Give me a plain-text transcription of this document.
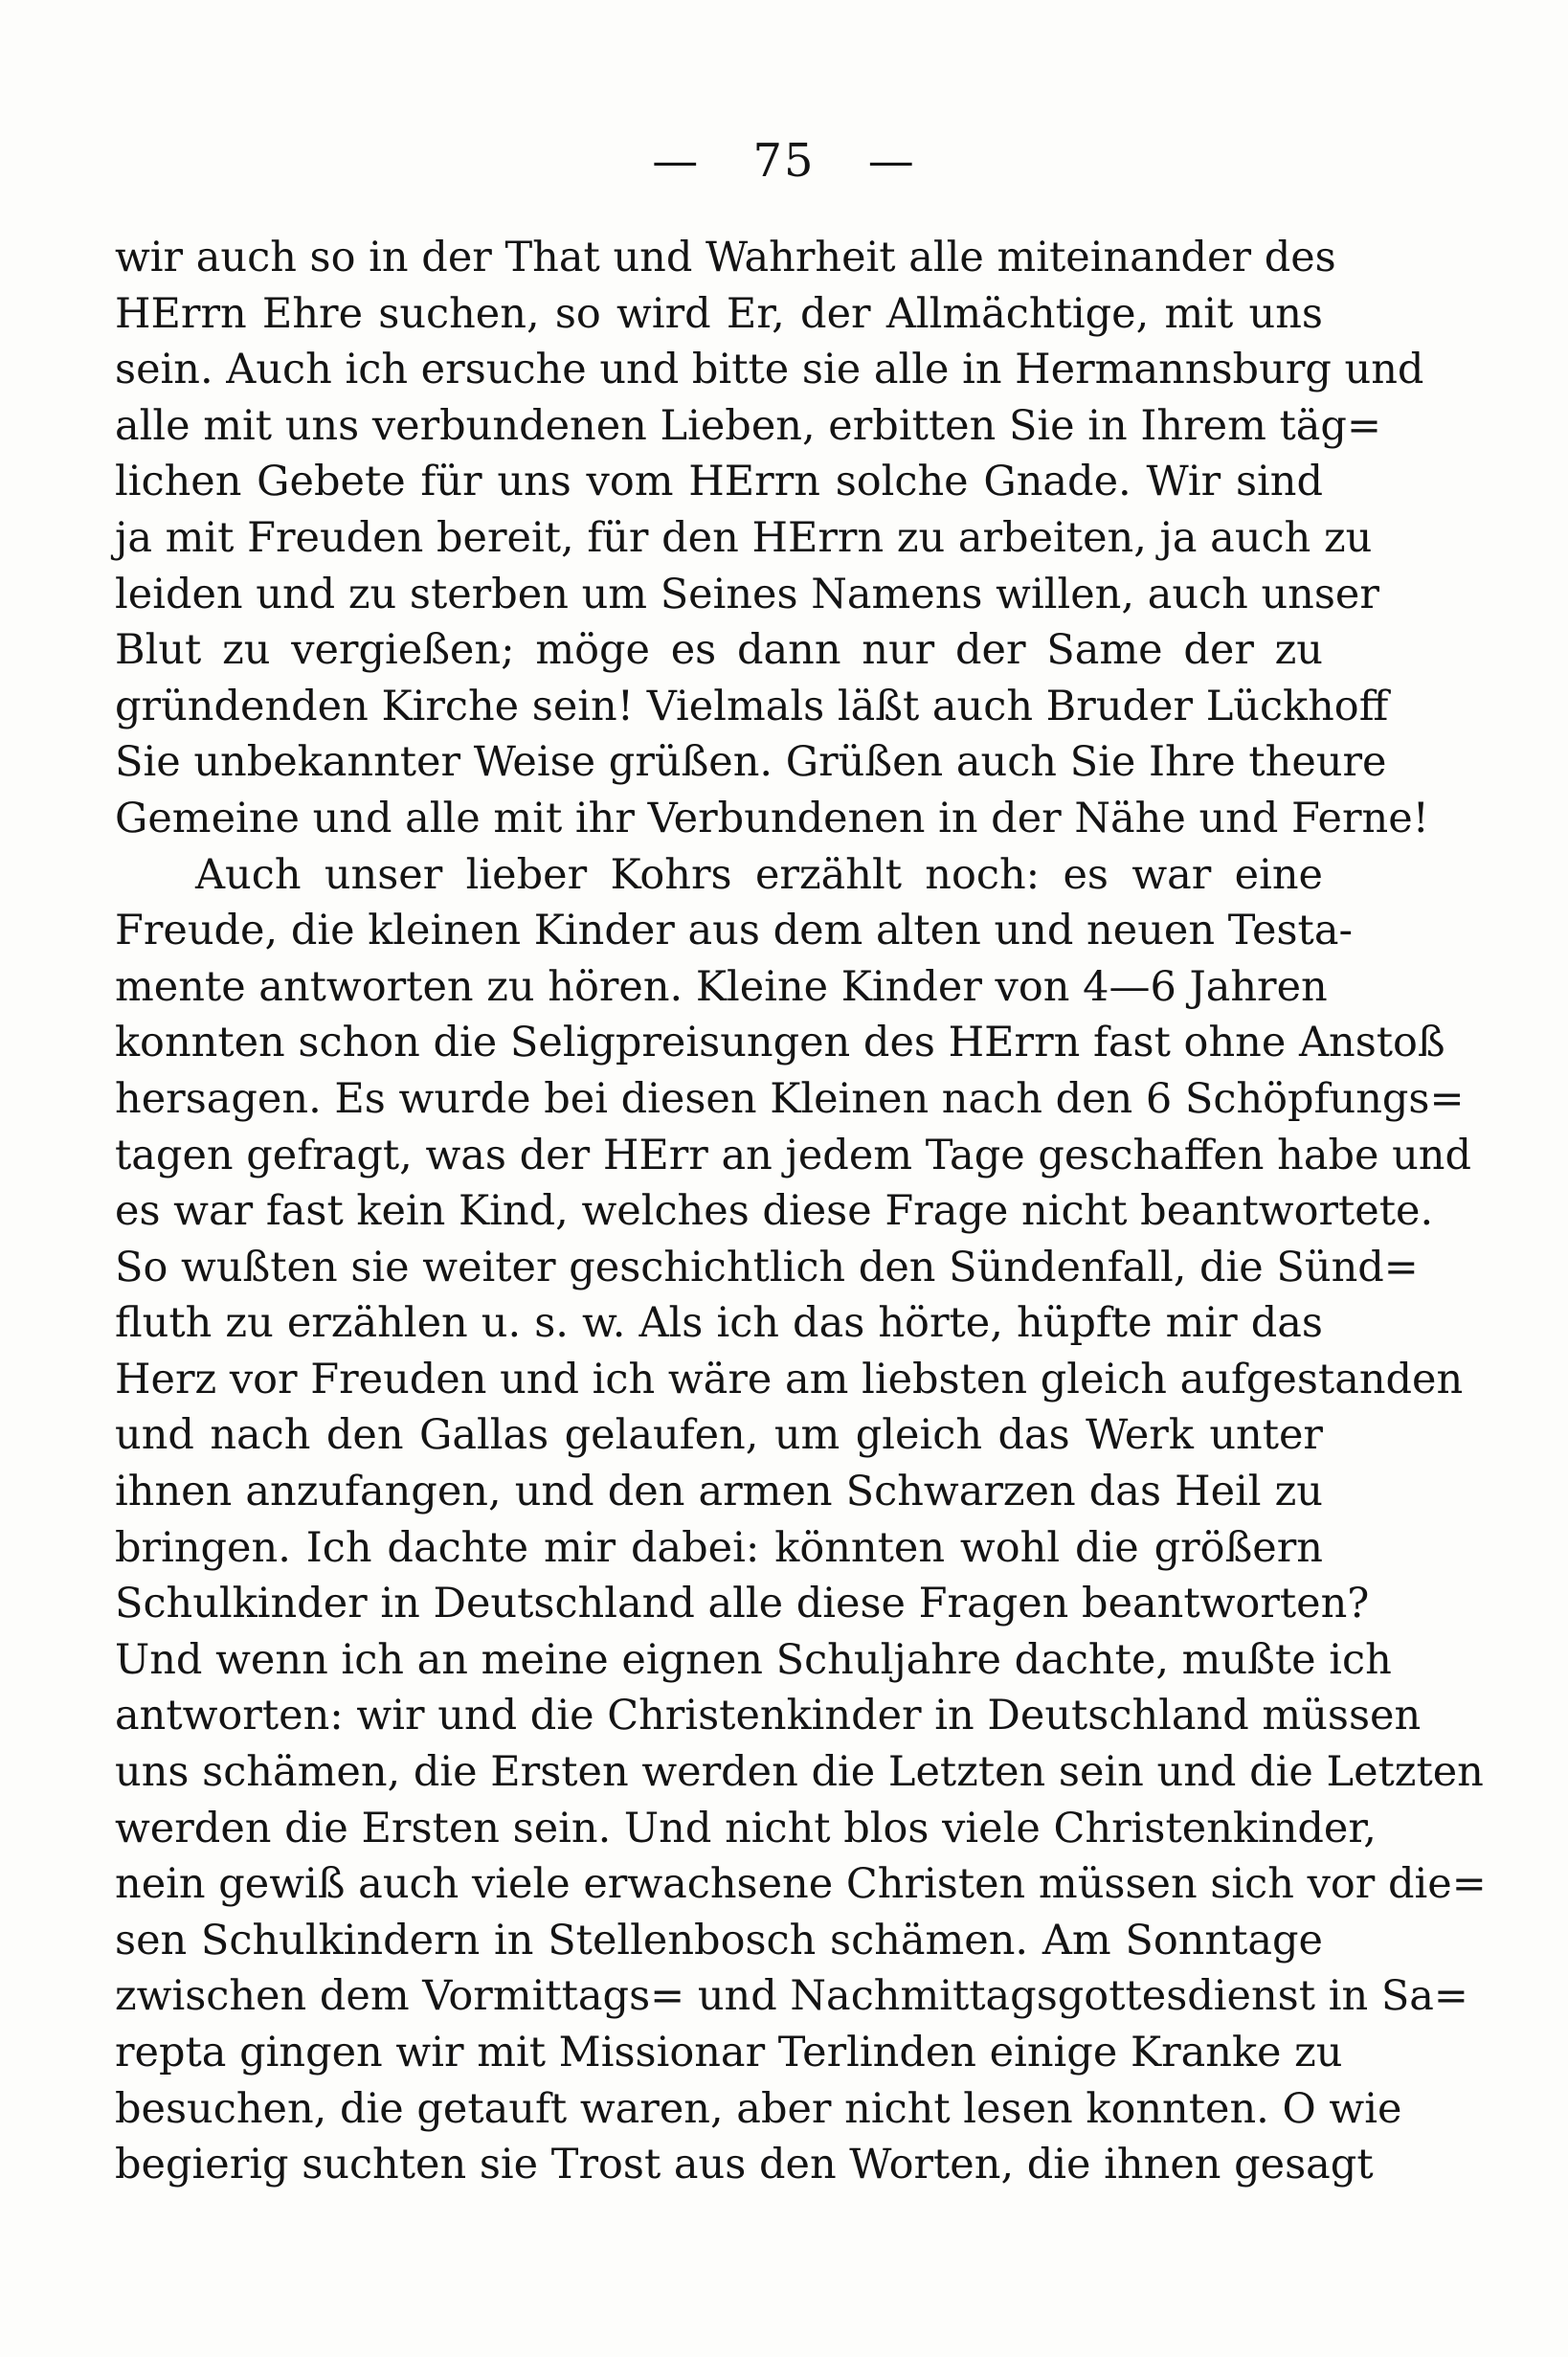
— 75 —
wir auch so in der That und Wahrheit alle miteinander des
HErrn Ehre suchen, so wird Er, der Allmächtige, mit uns
sein. Auch ich ersuche und bitte sie alle in Hermannsburg und
alle mit uns verbundenen Lieben, erbitten Sie in Ihrem täg=
lichen Gebete für uns vom HErrn solche Gnade. Wir sind
ja mit Freuden bereit, für den HErrn zu arbeiten, ja auch zu
leiden und zu sterben um Seines Namens willen, auch unser
Blut zu vergießen; möge es dann nur der Same der zu
gründenden Kirche sein! Vielmals läßt auch Bruder Lückhoff
Sie unbekannter Weise grüßen. Grüßen auch Sie Ihre theure
Gemeine und alle mit ihr Verbundenen in der Nähe und Ferne!
Auch unser lieber Kohrs erzählt noch: es war eine
Freude, die kleinen Kinder aus dem alten und neuen Testa-
mente antworten zu hören. Kleine Kinder von 4—6 Jahren
konnten schon die Seligpreisungen des HErrn fast ohne Anstoß
hersagen. Es wurde bei diesen Kleinen nach den 6 Schöpfungs=
tagen gefragt, was der HErr an jedem Tage geschaffen habe und
es war fast kein Kind, welches diese Frage nicht beantwortete.
So wußten sie weiter geschichtlich den Sündenfall, die Sünd=
fluth zu erzählen u. s. w. Als ich das hörte, hüpfte mir das
Herz vor Freuden und ich wäre am liebsten gleich aufgestanden
und nach den Gallas gelaufen, um gleich das Werk unter
ihnen anzufangen, und den armen Schwarzen das Heil zu
bringen. Ich dachte mir dabei: könnten wohl die größern
Schulkinder in Deutschland alle diese Fragen beantworten?
Und wenn ich an meine eignen Schuljahre dachte, mußte ich
antworten: wir und die Christenkinder in Deutschland müssen
uns schämen, die Ersten werden die Letzten sein und die Letzten
werden die Ersten sein. Und nicht blos viele Christenkinder,
nein gewiß auch viele erwachsene Christen müssen sich vor die=
sen Schulkindern in Stellenbosch schämen. Am Sonntage
zwischen dem Vormittags= und Nachmittagsgottesdienst in Sa=
repta gingen wir mit Missionar Terlinden einige Kranke zu
besuchen, die getauft waren, aber nicht lesen konnten. O wie
begierig suchten sie Trost aus den Worten, die ihnen gesagt
